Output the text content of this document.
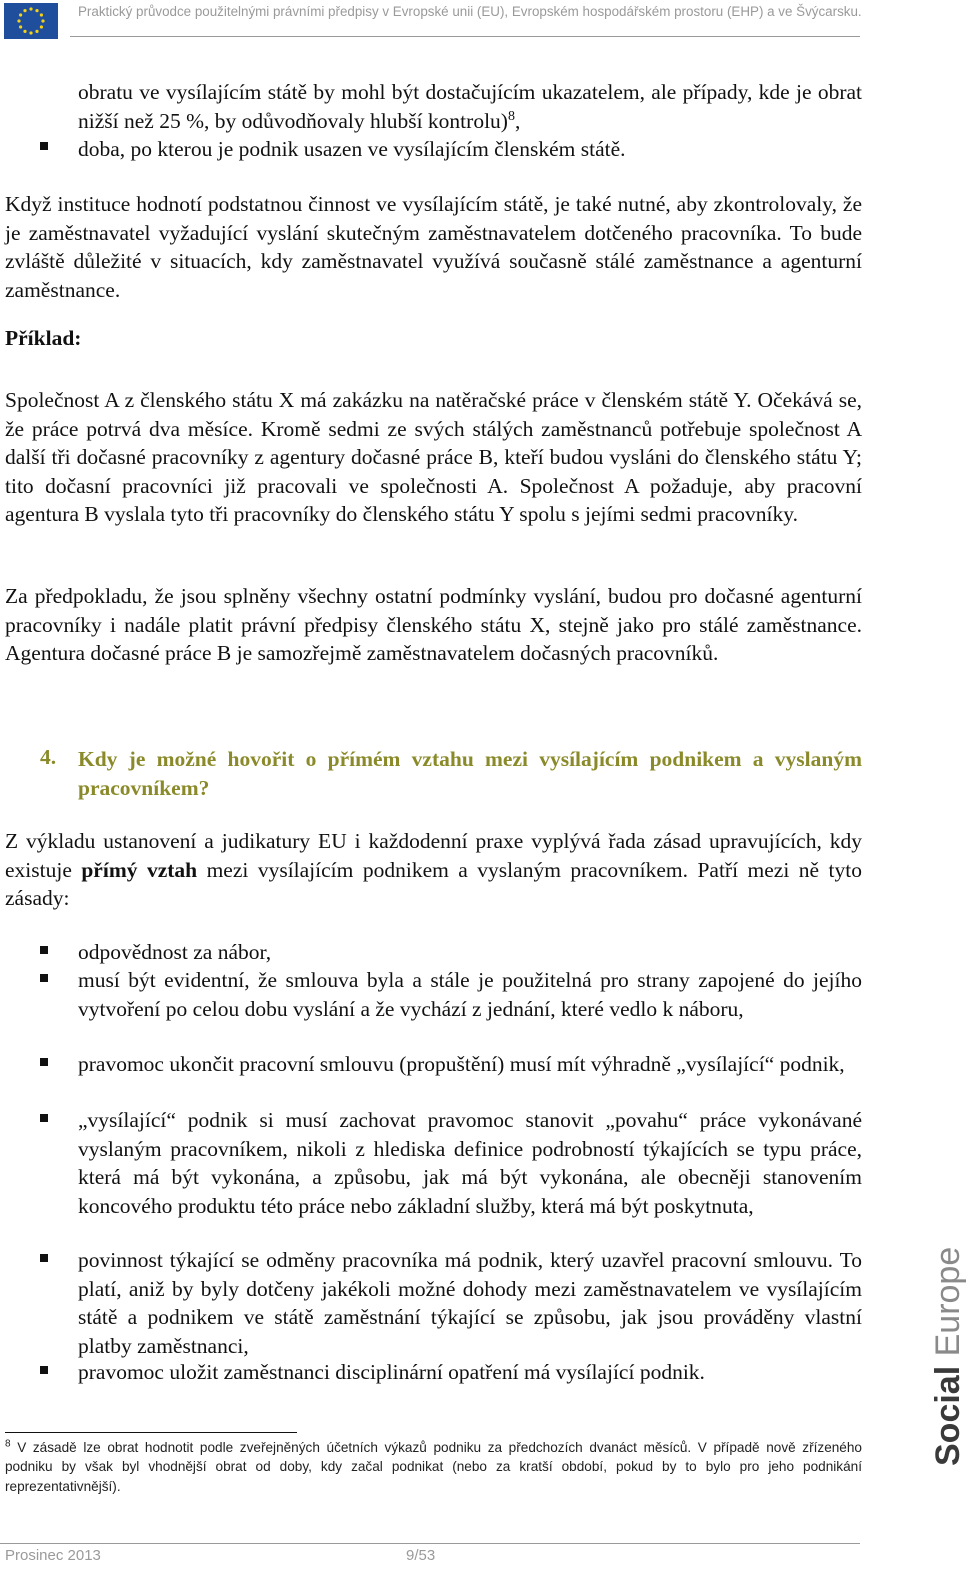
Praktický průvodce použitelnými právními předpisy v Evropské unii (EU), Evropském hospodářském prostoru (EHP) a ve Švýcarsku.
obratu ve vysílajícím státě by mohl být dostačujícím ukazatelem, ale případy, kde je obrat nižší než 25 %, by odůvodňovaly hlubší kontrolu)$^8$,
doba, po kterou je podnik usazen ve vysílajícím členském státě.
Když instituce hodnotí podstatnou činnost ve vysílajícím státě, je také nutné, aby zkontrolovaly, že je zaměstnavatel vyžadující vyslání skutečným zaměstnavatelem dotčeného pracovníka. To bude zvláště důležité v situacích, kdy zaměstnavatel využívá současně stálé zaměstnance a agenturní zaměstnance.
Příklad:
Společnost A z členského státu X má zakázku na natěračské práce v členském státě Y. Očekává se, že práce potrvá dva měsíce. Kromě sedmi ze svých stálých zaměstnanců potřebuje společnost A další tři dočasné pracovníky z agentury dočasné práce B, kteří budou vysláni do členského státu Y; tito dočasní pracovníci již pracovali ve společnosti A. Společnost A požaduje, aby pracovní agentura B vyslala tyto tři pracovníky do členského státu Y spolu s jejími sedmi pracovníky.
Za předpokladu, že jsou splněny všechny ostatní podmínky vyslání, budou pro dočasné agenturní pracovníky i nadále platit právní předpisy členského státu X, stejně jako pro stálé zaměstnance. Agentura dočasné práce B je samozřejmě zaměstnavatelem dočasných pracovníků.
4. Kdy je možné hovořit o přímém vztahu mezi vysílajícím podnikem a vyslaným pracovníkem?
Z výkladu ustanovení a judikatury EU i každodenní praxe vyplývá řada zásad upravujících, kdy existuje přímý vztah mezi vysílajícím podnikem a vyslaným pracovníkem. Patří mezi ně tyto zásady:
odpovědnost za nábor,
musí být evidentní, že smlouva byla a stále je použitelná pro strany zapojené do jejího vytvoření po celou dobu vyslání a že vychází z jednání, které vedlo k náboru,
pravomoc ukončit pracovní smlouvu (propuštění) musí mít výhradně „vysílající“ podnik,
„vysílající“ podnik si musí zachovat pravomoc stanovit „povahu“ práce vykonávané vyslaným pracovníkem, nikoli z hlediska definice podrobností týkajících se typu práce, která má být vykonána, a způsobu, jak má být vykonána, ale obecněji stanovením koncového produktu této práce nebo základní služby, která má být poskytnuta,
povinnost týkající se odměny pracovníka má podnik, který uzavřel pracovní smlouvu. To platí, aniž by byly dotčeny jakékoli možné dohody mezi zaměstnavatelem ve vysílajícím státě a podnikem ve státě zaměstnání týkající se způsobu, jak jsou prováděny vlastní platby zaměstnanci,
pravomoc uložit zaměstnanci disciplinární opatření má vysílající podnik.
$^8$ V zásadě lze obrat hodnotit podle zveřejněných účetních výkazů podniku za předchozích dvanáct měsíců. V případě nově zřízeného podniku by však byl vhodnější obrat od doby, kdy začal podnikat (nebo za kratší období, pokud by to bylo pro jeho podnikání reprezentativnější).
Social Europe
Prosinec 2013	9/53
